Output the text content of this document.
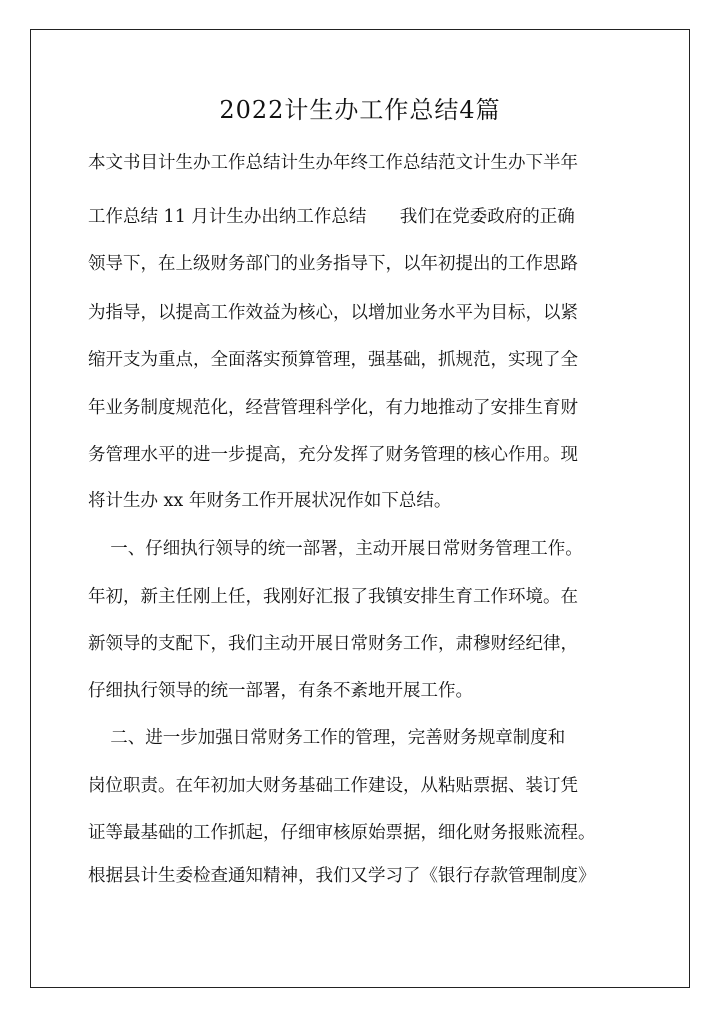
2022计生办工作总结4篇
本文书目计生办工作总结计生办年终工作总结范文计生办下半年
工作总结 11 月计生办出纳工作总结      我们在党委政府的正确
领导下，在上级财务部门的业务指导下，以年初提出的工作思路
为指导，以提高工作效益为核心，以增加业务水平为目标，以紧
缩开支为重点，全面落实预算管理，强基础，抓规范，实现了全
年业务制度规范化，经营管理科学化，有力地推动了安排生育财
务管理水平的进一步提高，充分发挥了财务管理的核心作用。现
将计生办 xx 年财务工作开展状况作如下总结。
一、仔细执行领导的统一部署，主动开展日常财务管理工作。
年初，新主任刚上任，我刚好汇报了我镇安排生育工作环境。在
新领导的支配下，我们主动开展日常财务工作，肃穆财经纪律，
仔细执行领导的统一部署，有条不紊地开展工作。
二、进一步加强日常财务工作的管理，完善财务规章制度和
岗位职责。在年初加大财务基础工作建设，从粘贴票据、装订凭
证等最基础的工作抓起，仔细审核原始票据，细化财务报账流程。
根据县计生委检查通知精神，我们又学习了《银行存款管理制度》
